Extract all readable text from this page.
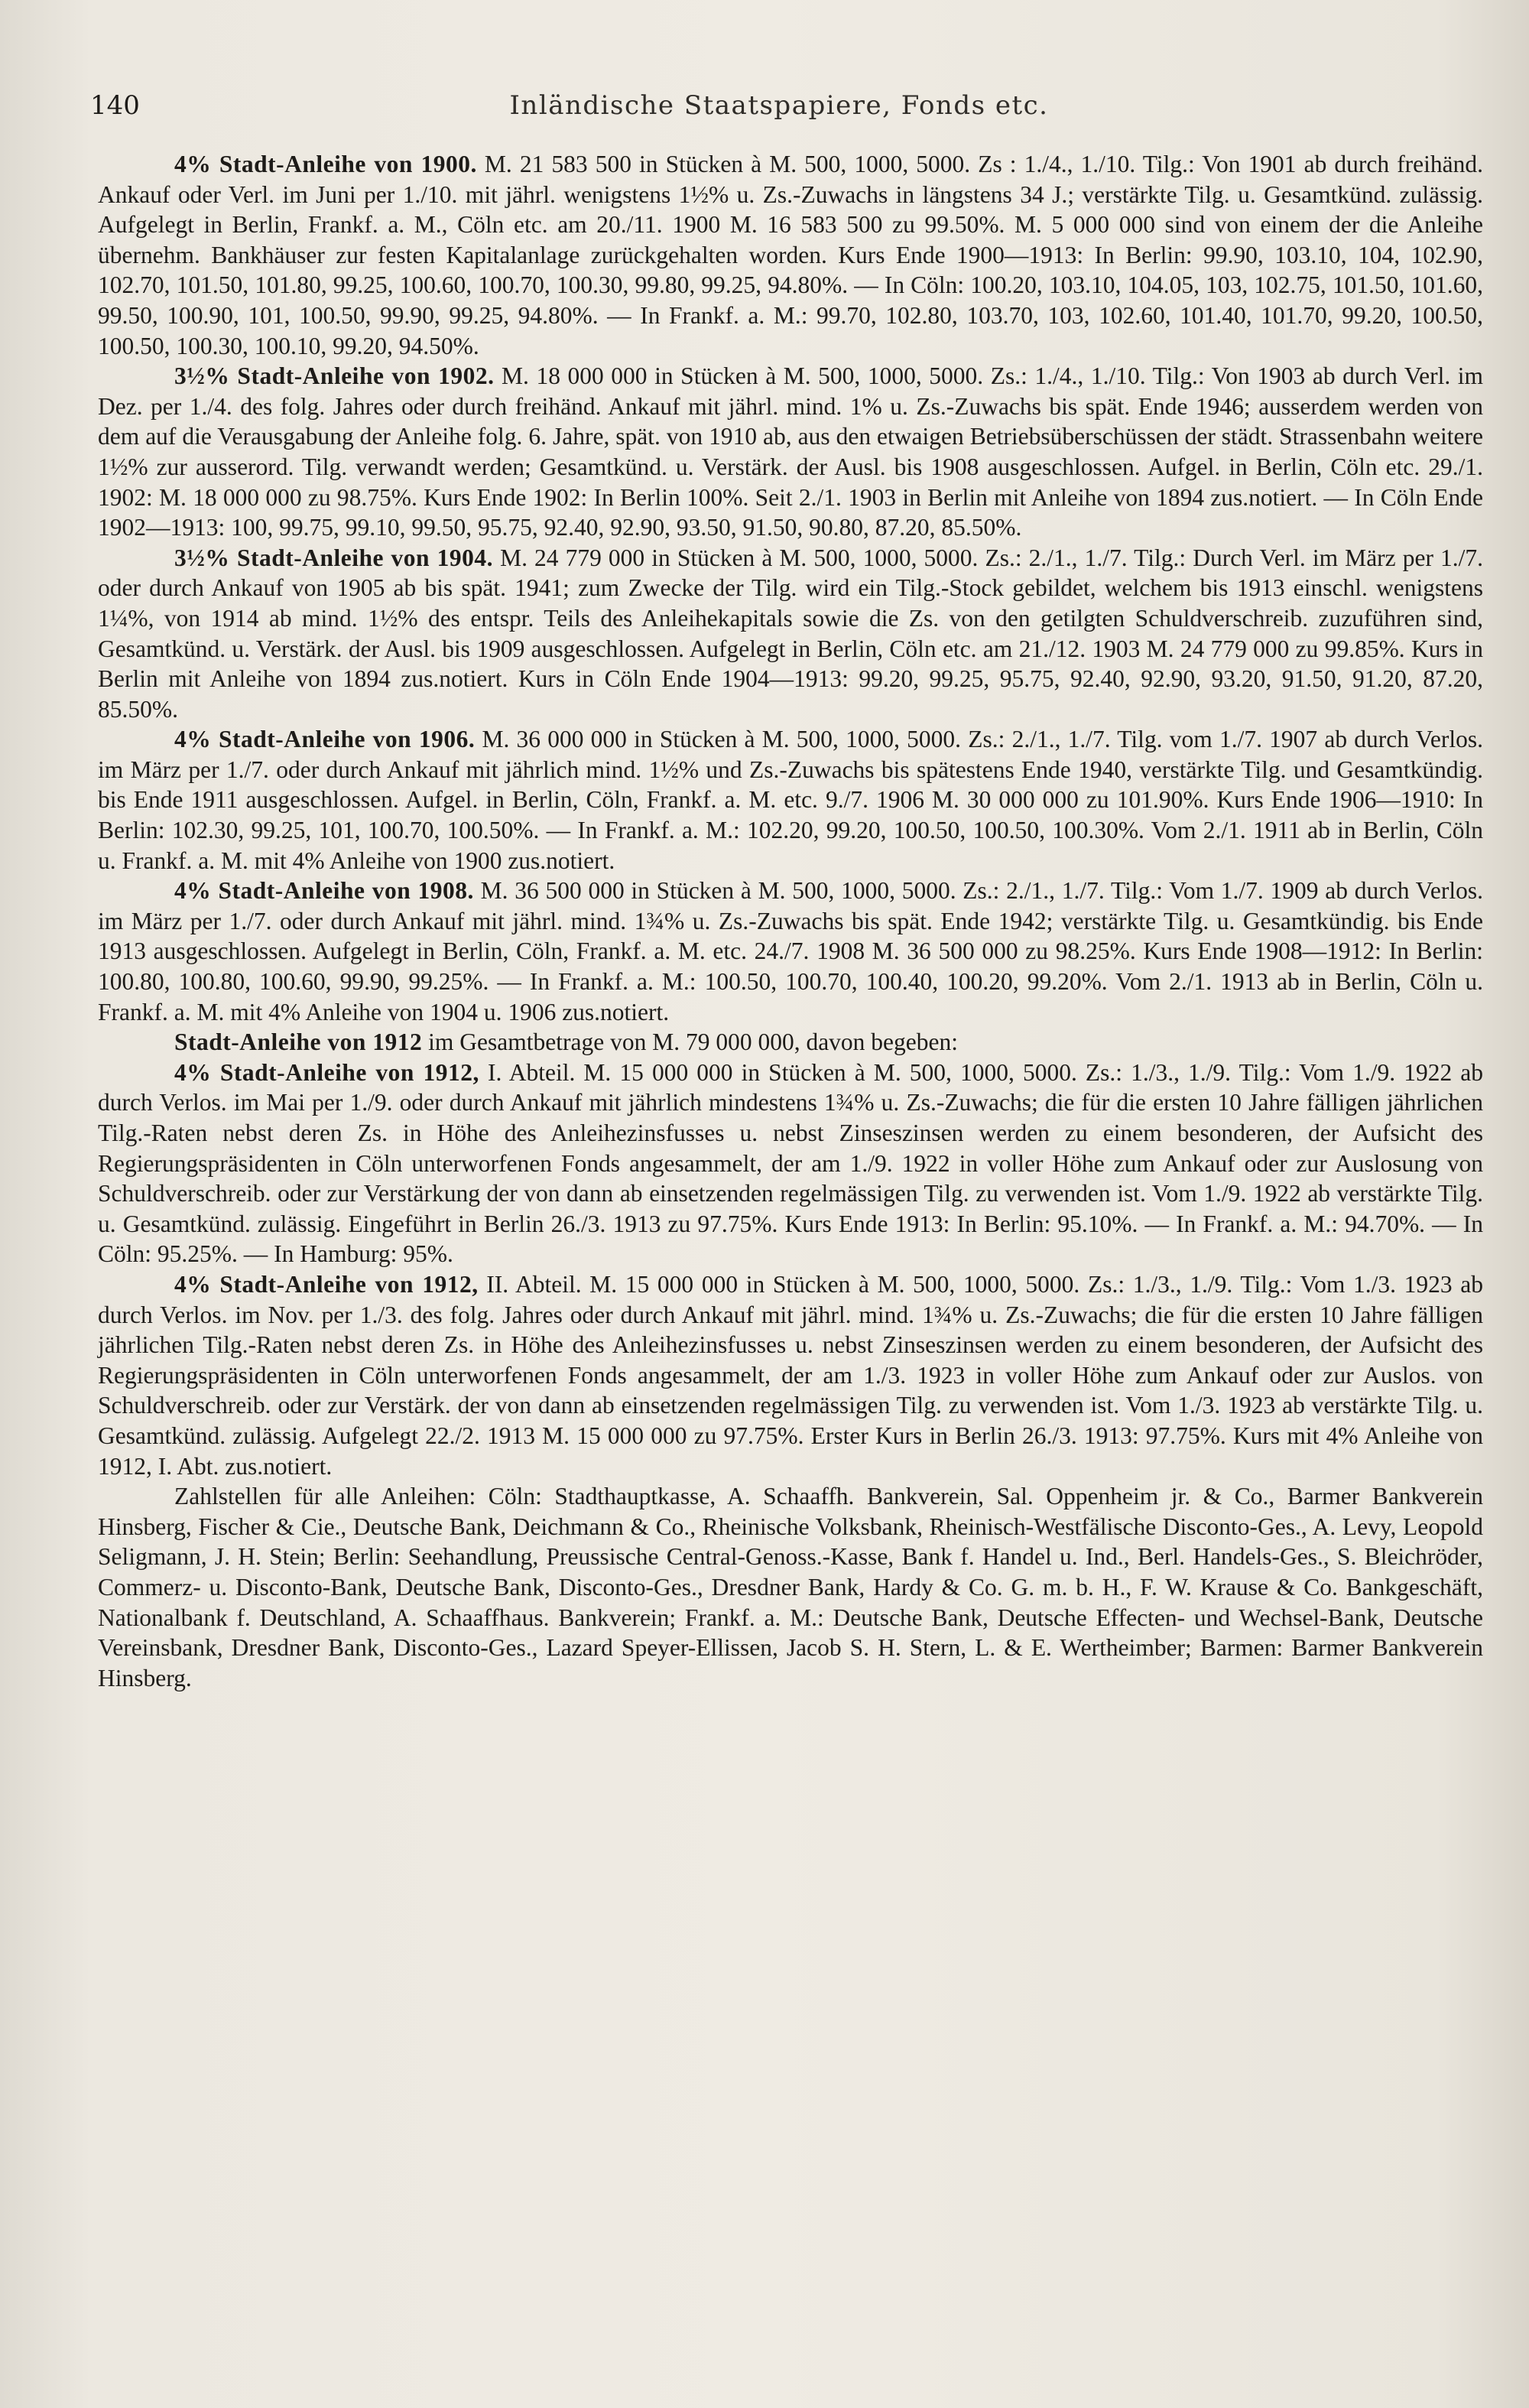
140	Inländische Staatspapiere, Fonds etc.

4% Stadt-Anleihe von 1900. M. 21 583 500 in Stücken à M. 500, 1000, 5000. Zs : 1./4., 1./10. Tilg.: Von 1901 ab durch freihänd. Ankauf oder Verl. im Juni per 1./10. mit jährl. wenigstens 1½% u. Zs.-Zuwachs in längstens 34 J.; verstärkte Tilg. u. Gesamtkünd. zulässig. Aufgelegt in Berlin, Frankf. a. M., Cöln etc. am 20./11. 1900 M. 16 583 500 zu 99.50%. M. 5 000 000 sind von einem der die Anleihe übernehm. Bankhäuser zur festen Kapitalanlage zurückgehalten worden. Kurs Ende 1900—1913: In Berlin: 99.90, 103.10, 104, 102.90, 102.70, 101.50, 101.80, 99.25, 100.60, 100.70, 100.30, 99.80, 99.25, 94.80%. — In Cöln: 100.20, 103.10, 104.05, 103, 102.75, 101.50, 101.60, 99.50, 100.90, 101, 100.50, 99.90, 99.25, 94.80%. — In Frankf. a. M.: 99.70, 102.80, 103.70, 103, 102.60, 101.40, 101.70, 99.20, 100.50, 100.50, 100.30, 100.10, 99.20, 94.50%.

3½% Stadt-Anleihe von 1902. M. 18 000 000 in Stücken à M. 500, 1000, 5000. Zs.: 1./4., 1./10. Tilg.: Von 1903 ab durch Verl. im Dez. per 1./4. des folg. Jahres oder durch freihänd. Ankauf mit jährl. mind. 1% u. Zs.-Zuwachs bis spät. Ende 1946; ausserdem werden von dem auf die Verausgabung der Anleihe folg. 6. Jahre, spät. von 1910 ab, aus den etwaigen Betriebsüberschüssen der städt. Strassenbahn weitere 1½% zur ausserord. Tilg. verwandt werden; Gesamtkünd. u. Verstärk. der Ausl. bis 1908 ausgeschlossen. Aufgel. in Berlin, Cöln etc. 29./1. 1902: M. 18 000 000 zu 98.75%. Kurs Ende 1902: In Berlin 100%. Seit 2./1. 1903 in Berlin mit Anleihe von 1894 zus.notiert. — In Cöln Ende 1902—1913: 100, 99.75, 99.10, 99.50, 95.75, 92.40, 92.90, 93.50, 91.50, 90.80, 87.20, 85.50%.

3½% Stadt-Anleihe von 1904. M. 24 779 000 in Stücken à M. 500, 1000, 5000. Zs.: 2./1., 1./7. Tilg.: Durch Verl. im März per 1./7. oder durch Ankauf von 1905 ab bis spät. 1941; zum Zwecke der Tilg. wird ein Tilg.-Stock gebildet, welchem bis 1913 einschl. wenigstens 1¼%, von 1914 ab mind. 1½% des entspr. Teils des Anleihekapitals sowie die Zs. von den getilgten Schuldverschreib. zuzuführen sind, Gesamtkünd. u. Verstärk. der Ausl. bis 1909 ausgeschlossen. Aufgelegt in Berlin, Cöln etc. am 21./12. 1903 M. 24 779 000 zu 99.85%. Kurs in Berlin mit Anleihe von 1894 zus.notiert. Kurs in Cöln Ende 1904—1913: 99.20, 99.25, 95.75, 92.40, 92.90, 93.20, 91.50, 91.20, 87.20, 85.50%.

4% Stadt-Anleihe von 1906. M. 36 000 000 in Stücken à M. 500, 1000, 5000. Zs.: 2./1., 1./7. Tilg. vom 1./7. 1907 ab durch Verlos. im März per 1./7. oder durch Ankauf mit jährlich mind. 1½% und Zs.-Zuwachs bis spätestens Ende 1940, verstärkte Tilg. und Gesamtkündig. bis Ende 1911 ausgeschlossen. Aufgel. in Berlin, Cöln, Frankf. a. M. etc. 9./7. 1906 M. 30 000 000 zu 101.90%. Kurs Ende 1906—1910: In Berlin: 102.30, 99.25, 101, 100.70, 100.50%. — In Frankf. a. M.: 102.20, 99.20, 100.50, 100.50, 100.30%. Vom 2./1. 1911 ab in Berlin, Cöln u. Frankf. a. M. mit 4% Anleihe von 1900 zus.notiert.

4% Stadt-Anleihe von 1908. M. 36 500 000 in Stücken à M. 500, 1000, 5000. Zs.: 2./1., 1./7. Tilg.: Vom 1./7. 1909 ab durch Verlos. im März per 1./7. oder durch Ankauf mit jährl. mind. 1¾% u. Zs.-Zuwachs bis spät. Ende 1942; verstärkte Tilg. u. Gesamtkündig. bis Ende 1913 ausgeschlossen. Aufgelegt in Berlin, Cöln, Frankf. a. M. etc. 24./7. 1908 M. 36 500 000 zu 98.25%. Kurs Ende 1908—1912: In Berlin: 100.80, 100.80, 100.60, 99.90, 99.25%. — In Frankf. a. M.: 100.50, 100.70, 100.40, 100.20, 99.20%. Vom 2./1. 1913 ab in Berlin, Cöln u. Frankf. a. M. mit 4% Anleihe von 1904 u. 1906 zus.notiert.

Stadt-Anleihe von 1912 im Gesamtbetrage von M. 79 000 000, davon begeben:

4% Stadt-Anleihe von 1912, I. Abteil. M. 15 000 000 in Stücken à M. 500, 1000, 5000. Zs.: 1./3., 1./9. Tilg.: Vom 1./9. 1922 ab durch Verlos. im Mai per 1./9. oder durch Ankauf mit jährlich mindestens 1¾% u. Zs.-Zuwachs; die für die ersten 10 Jahre fälligen jährlichen Tilg.-Raten nebst deren Zs. in Höhe des Anleihezinsfusses u. nebst Zinseszinsen werden zu einem besonderen, der Aufsicht des Regierungspräsidenten in Cöln unterworfenen Fonds angesammelt, der am 1./9. 1922 in voller Höhe zum Ankauf oder zur Auslosung von Schuldverschreib. oder zur Verstärkung der von dann ab einsetzenden regelmässigen Tilg. zu verwenden ist. Vom 1./9. 1922 ab verstärkte Tilg. u. Gesamtkünd. zulässig. Eingeführt in Berlin 26./3. 1913 zu 97.75%. Kurs Ende 1913: In Berlin: 95.10%. — In Frankf. a. M.: 94.70%. — In Cöln: 95.25%. — In Hamburg: 95%.

4% Stadt-Anleihe von 1912, II. Abteil. M. 15 000 000 in Stücken à M. 500, 1000, 5000. Zs.: 1./3., 1./9. Tilg.: Vom 1./3. 1923 ab durch Verlos. im Nov. per 1./3. des folg. Jahres oder durch Ankauf mit jährl. mind. 1¾% u. Zs.-Zuwachs; die für die ersten 10 Jahre fälligen jährlichen Tilg.-Raten nebst deren Zs. in Höhe des Anleihezinsfusses u. nebst Zinseszinsen werden zu einem besonderen, der Aufsicht des Regierungspräsidenten in Cöln unterworfenen Fonds angesammelt, der am 1./3. 1923 in voller Höhe zum Ankauf oder zur Auslos. von Schuldverschreib. oder zur Verstärk. der von dann ab einsetzenden regelmässigen Tilg. zu verwenden ist. Vom 1./3. 1923 ab verstärkte Tilg. u. Gesamtkünd. zulässig. Aufgelegt 22./2. 1913 M. 15 000 000 zu 97.75%. Erster Kurs in Berlin 26./3. 1913: 97.75%. Kurs mit 4% Anleihe von 1912, I. Abt. zus.notiert.

Zahlstellen für alle Anleihen: Cöln: Stadthauptkasse, A. Schaaffh. Bankverein, Sal. Oppenheim jr. & Co., Barmer Bankverein Hinsberg, Fischer & Cie., Deutsche Bank, Deichmann & Co., Rheinische Volksbank, Rheinisch-Westfälische Disconto-Ges., A. Levy, Leopold Seligmann, J. H. Stein; Berlin: Seehandlung, Preussische Central-Genoss.-Kasse, Bank f. Handel u. Ind., Berl. Handels-Ges., S. Bleichröder, Commerz- u. Disconto-Bank, Deutsche Bank, Disconto-Ges., Dresdner Bank, Hardy & Co. G. m. b. H., F. W. Krause & Co. Bankgeschäft, Nationalbank f. Deutschland, A. Schaaffhaus. Bankverein; Frankf. a. M.: Deutsche Bank, Deutsche Effecten- und Wechsel-Bank, Deutsche Vereinsbank, Dresdner Bank, Disconto-Ges., Lazard Speyer-Ellissen, Jacob S. H. Stern, L. & E. Wertheimber; Barmen: Barmer Bankverein Hinsberg.
